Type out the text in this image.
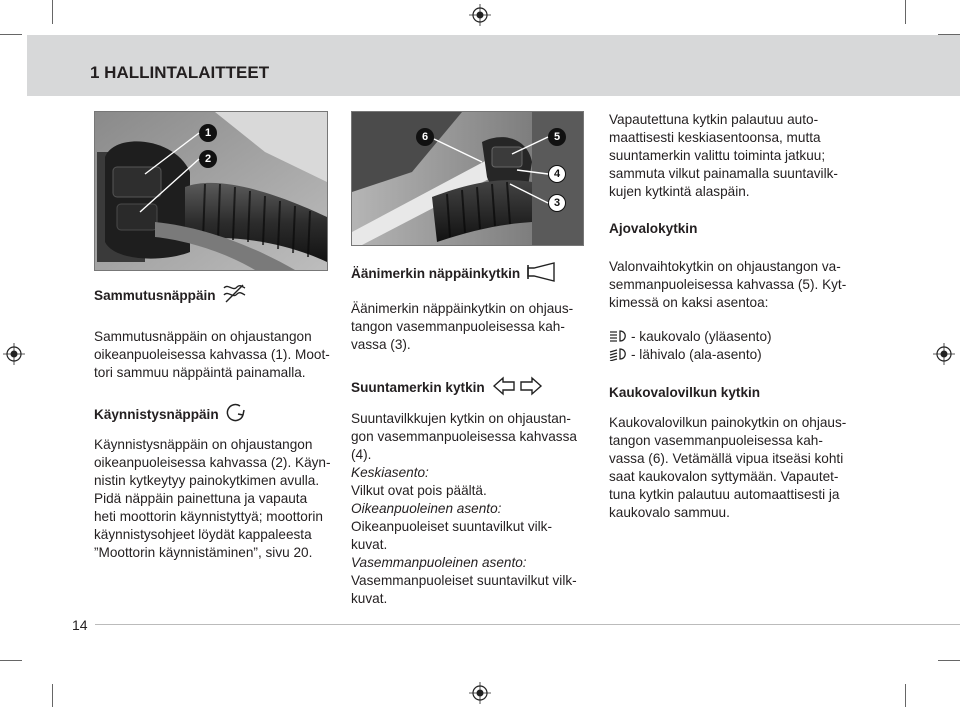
1 HALLINTALAITTEET
1
2
6	5
4
3
Sammutusnäppäin

Sammutusnäppäin on ohjaustangon

oikeanpuoleisessa kahvassa (1). Moot-

tori sammuu näppäintä painamalla.

Käynnistysnäppäin

Käynnistysnäppäin on ohjaustangon

oikeanpuoleisessa kahvassa (2). Käyn-

nistin kytkeytyy painokytkimen avulla.

Pidä näppäin painettuna ja vapauta

heti moottorin käynnistyttyä; moottorin

käynnistysohjeet löydät kappaleesta

”Moottorin käynnistäminen”, sivu 20.

Äänimerkin näppäinkytkin

Äänimerkin näppäinkytkin on ohjaus-

tangon vasemmanpuoleisessa kah-

vassa (3).

Suuntamerkin kytkin

Suuntavilkkujen kytkin on ohjaustan-

gon vasemmanpuoleisessa kahvassa

(4).

Keskiasento:

Vilkut ovat pois päältä.

Oikeanpuoleinen asento:

Oikeanpuoleiset suuntavilkut vilk-

kuvat.

Vasemmanpuoleinen asento:

Vasemmanpuoleiset suuntavilkut vilk-

kuvat.

Vapautettuna kytkin palautuu auto-

maattisesti keskiasentoonsa, mutta

suuntamerkin valittu toiminta jatkuu;

sammuta vilkut painamalla suuntavilk-

kujen kytkintä alaspäin.

Ajovalokytkin

Valonvaihtokytkin on ohjaustangon va-

semmanpuoleisessa kahvassa (5). Kyt-

kimessä on kaksi asentoa:

- kaukovalo (yläasento)

- lähivalo (ala-asento)

Kaukovalovilkun kytkin

Kaukovalovilkun painokytkin on ohjaus-

tangon vasemmanpuoleisessa kah-

vassa (6). Vetämällä vipua itseäsi kohti

saat kaukovalon syttymään. Vapautet-

tuna kytkin palautuu automaattisesti ja

kaukovalo sammuu.

14
